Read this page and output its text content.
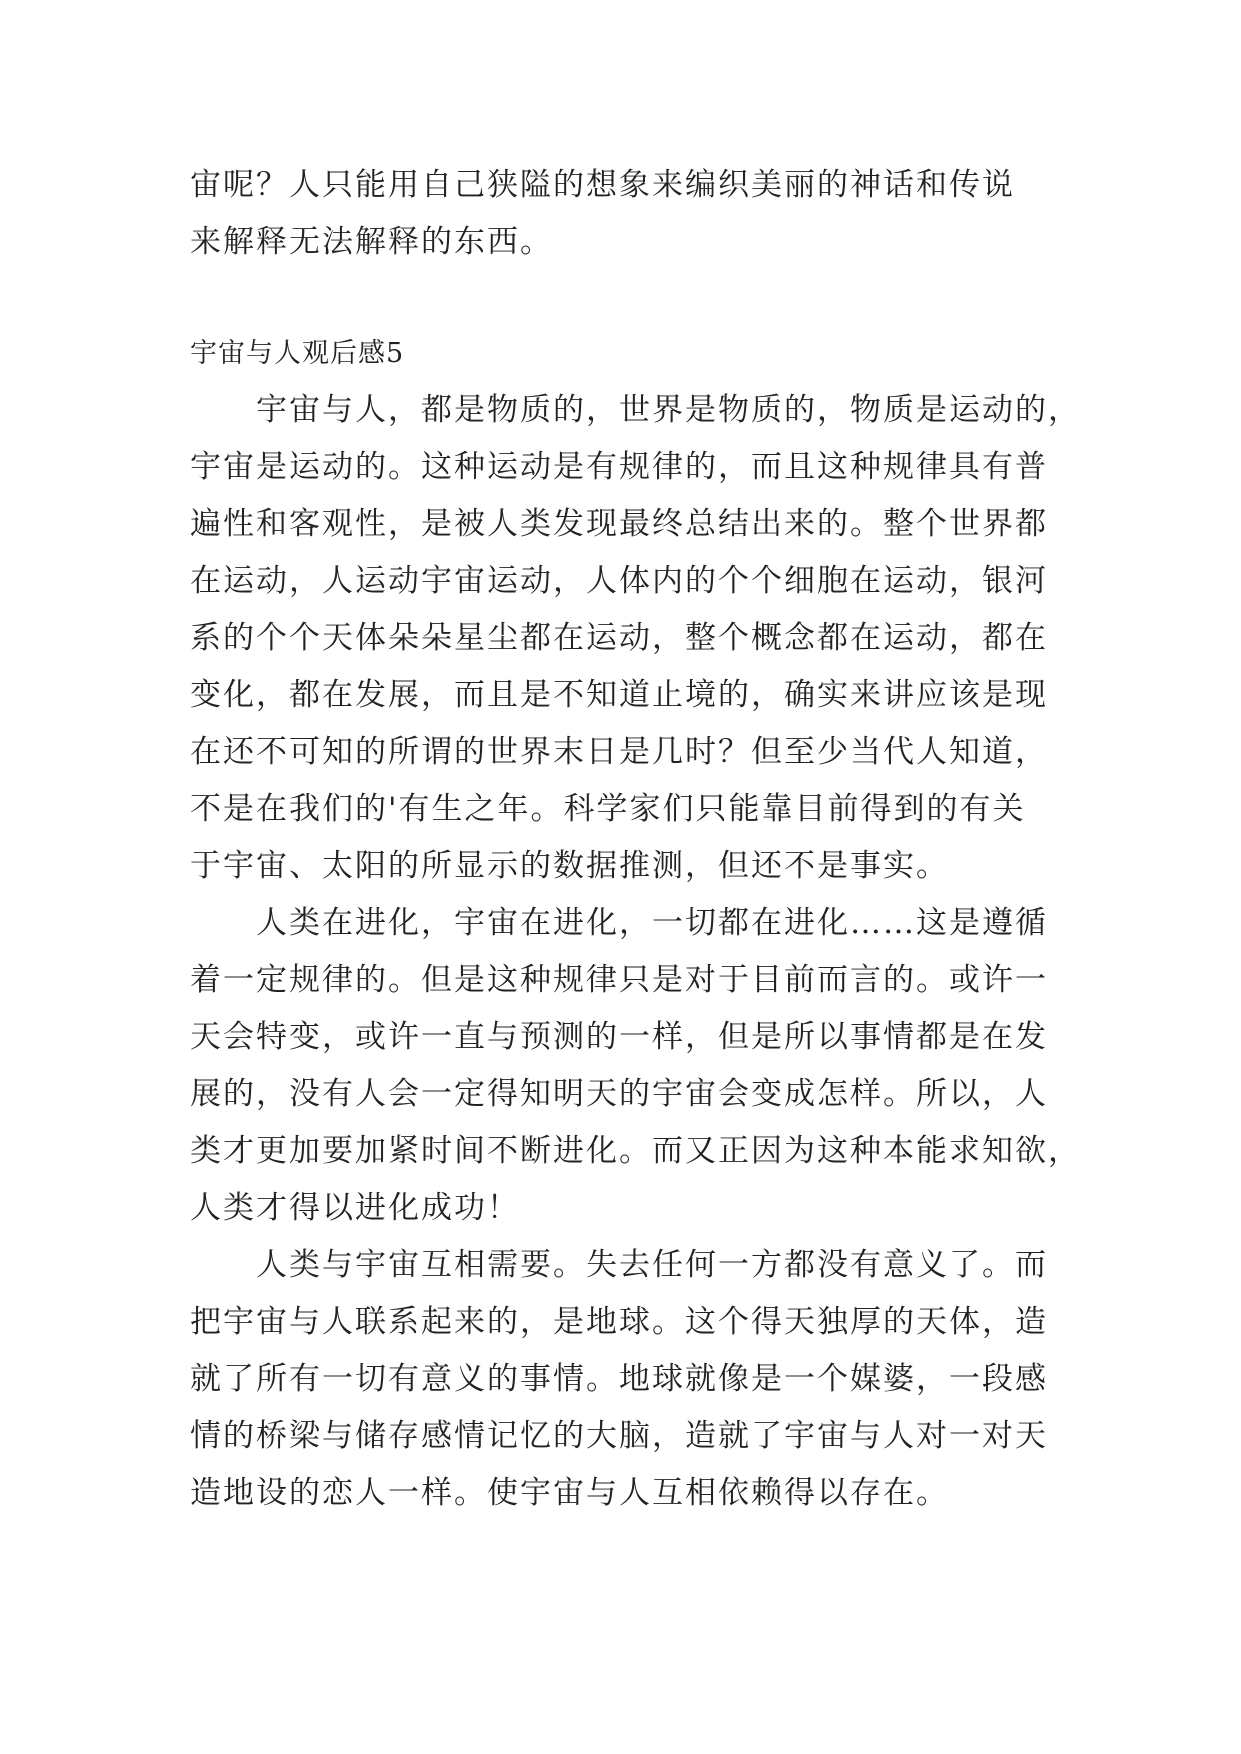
宙呢？人只能用自己狭隘的想象来编织美丽的神话和传说
来解释无法解释的东西。
宇宙与人观后感5
　　宇宙与人，都是物质的，世界是物质的，物质是运动的，
宇宙是运动的。这种运动是有规律的，而且这种规律具有普
遍性和客观性，是被人类发现最终总结出来的。整个世界都
在运动，人运动宇宙运动，人体内的个个细胞在运动，银河
系的个个天体朵朵星尘都在运动，整个概念都在运动，都在
变化，都在发展，而且是不知道止境的，确实来讲应该是现
在还不可知的所谓的世界末日是几时？但至少当代人知道，
不是在我们的'有生之年。科学家们只能靠目前得到的有关
于宇宙、太阳的所显示的数据推测，但还不是事实。
　　人类在进化，宇宙在进化，一切都在进化……这是遵循
着一定规律的。但是这种规律只是对于目前而言的。或许一
天会特变，或许一直与预测的一样，但是所以事情都是在发
展的，没有人会一定得知明天的宇宙会变成怎样。所以，人
类才更加要加紧时间不断进化。而又正因为这种本能求知欲，
人类才得以进化成功！
　　人类与宇宙互相需要。失去任何一方都没有意义了。而
把宇宙与人联系起来的，是地球。这个得天独厚的天体，造
就了所有一切有意义的事情。地球就像是一个媒婆，一段感
情的桥梁与储存感情记忆的大脑，造就了宇宙与人对一对天
造地设的恋人一样。使宇宙与人互相依赖得以存在。
